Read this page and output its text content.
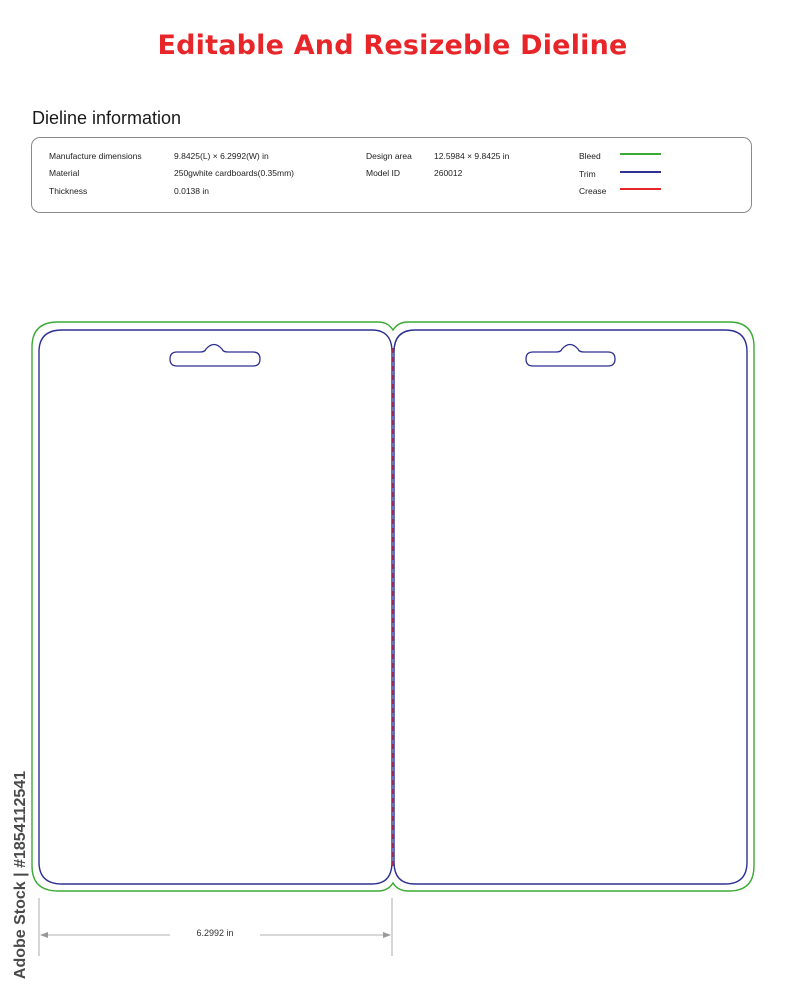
Editable And Resizeble Dieline
Dieline information
Manufacture dimensions	9.8425(L) × 6.2992(W) in
Material	250gwhite cardboards(0.35mm)
Thickness	0.0138 in
Design area	12.5984 × 9.8425 in
Model ID	260012
Bleed
Trim
Crease
6.2992 in
Adobe Stock | #1854112541
